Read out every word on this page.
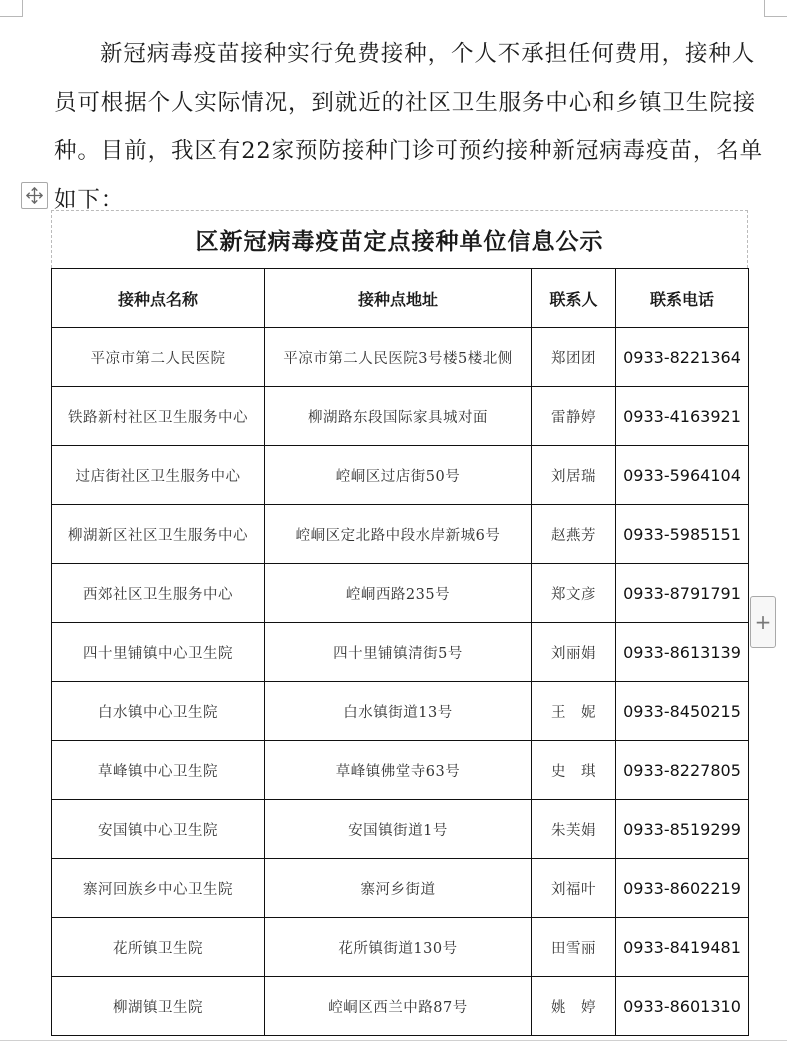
新冠病毒疫苗接种实行免费接种，个人不承担任何费用，接种人员可根据个人实际情况，到就近的社区卫生服务中心和乡镇卫生院接种。目前，我区有22家预防接种门诊可预约接种新冠病毒疫苗，名单如下：

区新冠病毒疫苗定点接种单位信息公示
接种点名称	接种点地址	联系人	联系电话
平凉市第二人民医院	平凉市第二人民医院3号楼5楼北侧	郑团团	0933-8221364
铁路新村社区卫生服务中心	柳湖路东段国际家具城对面	雷静婷	0933-4163921
过店街社区卫生服务中心	崆峒区过店街50号	刘居瑞	0933-5964104
柳湖新区社区卫生服务中心	崆峒区定北路中段水岸新城6号	赵燕芳	0933-5985151
西郊社区卫生服务中心	崆峒西路235号	郑文彦	0933-8791791
四十里铺镇中心卫生院	四十里铺镇清街5号	刘丽娟	0933-8613139
白水镇中心卫生院	白水镇街道13号	王　妮	0933-8450215
草峰镇中心卫生院	草峰镇佛堂寺63号	史　琪	0933-8227805
安国镇中心卫生院	安国镇街道1号	朱芙娟	0933-8519299
寨河回族乡中心卫生院	寨河乡街道	刘福叶	0933-8602219
花所镇卫生院	花所镇街道130号	田雪丽	0933-8419481
柳湖镇卫生院	崆峒区西兰中路87号	姚　婷	0933-8601310
+
